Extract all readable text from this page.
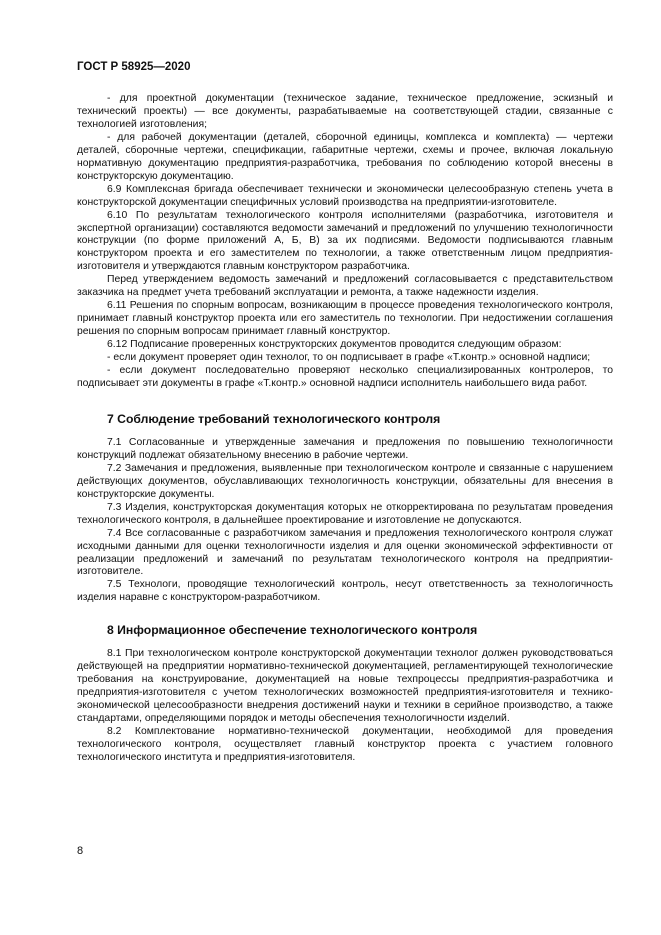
ГОСТ Р 58925—2020

- для проектной документации (техническое задание, техническое предложение, эскизный и технический проекты) — все документы, разрабатываемые на соответствующей стадии, связанные с технологией изготовления;

- для рабочей документации (деталей, сборочной единицы, комплекса и комплекта) — чертежи деталей, сборочные чертежи, спецификации, габаритные чертежи, схемы и прочее, включая локальную нормативную документацию предприятия-разработчика, требования по соблюдению которой внесены в конструкторскую документацию.

6.9 Комплексная бригада обеспечивает технически и экономически целесообразную степень учета в конструкторской документации специфичных условий производства на предприятии-изготовителе.

6.10 По результатам технологического контроля исполнителями (разработчика, изготовителя и экспертной организации) составляются ведомости замечаний и предложений по улучшению технологичности конструкции (по форме приложений А, Б, В) за их подписями. Ведомости подписываются главным конструктором проекта и его заместителем по технологии, а также ответственным лицом предприятия-изготовителя и утверждаются главным конструктором разработчика.

Перед утверждением ведомость замечаний и предложений согласовывается с представительством заказчика на предмет учета требований эксплуатации и ремонта, а также надежности изделия.

6.11 Решения по спорным вопросам, возникающим в процессе проведения технологического контроля, принимает главный конструктор проекта или его заместитель по технологии. При недостижении соглашения решения по спорным вопросам принимает главный конструктор.

6.12 Подписание проверенных конструкторских документов проводится следующим образом:

- если документ проверяет один технолог, то он подписывает в графе «Т.контр.» основной надписи;

- если документ последовательно проверяют несколько специализированных контролеров, то подписывает эти документы в графе «Т.контр.» основной надписи исполнитель наибольшего вида работ.

7 Соблюдение требований технологического контроля

7.1 Согласованные и утвержденные замечания и предложения по повышению технологичности конструкций подлежат обязательному внесению в рабочие чертежи.

7.2 Замечания и предложения, выявленные при технологическом контроле и связанные с нарушением действующих документов, обуславливающих технологичность конструкции, обязательны для внесения в конструкторские документы.

7.3 Изделия, конструкторская документация которых не откорректирована по результатам проведения технологического контроля, в дальнейшее проектирование и изготовление не допускаются.

7.4 Все согласованные с разработчиком замечания и предложения технологического контроля служат исходными данными для оценки технологичности изделия и для оценки экономической эффективности от реализации предложений и замечаний по результатам технологического контроля на предприятии-изготовителе.

7.5 Технологи, проводящие технологический контроль, несут ответственность за технологичность изделия наравне с конструктором-разработчиком.

8 Информационное обеспечение технологического контроля

8.1 При технологическом контроле конструкторской документации технолог должен руководствоваться действующей на предприятии нормативно-технической документацией, регламентирующей технологические требования на конструирование, документацией на новые техпроцессы предприятия-разработчика и предприятия-изготовителя с учетом технологических возможностей предприятия-изготовителя и технико-экономической целесообразности внедрения достижений науки и техники в серийное производство, а также стандартами, определяющими порядок и методы обеспечения технологичности изделий.

8.2 Комплектование нормативно-технической документации, необходимой для проведения технологического контроля, осуществляет главный конструктор проекта с участием головного технологического института и предприятия-изготовителя.

8
